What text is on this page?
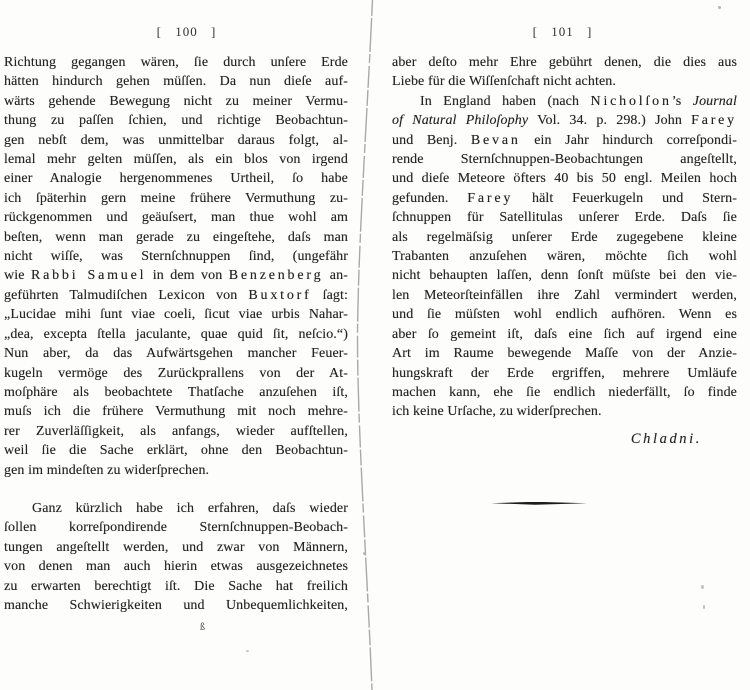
[ 100 ]
Richtung gegangen wären, ſie durch unſere Erde
hätten hindurch gehen müſſen. Da nun dieſe auf-
wärts gehende Bewegung nicht zu meiner Vermu-
thung zu paſſen ſchien, und richtige Beobachtun-
gen nebſt dem, was unmittelbar daraus folgt, al-
lemal mehr gelten müſſen, als ein blos von irgend
einer Analogie hergenommenes Urtheil, ſo habe
ich ſpäterhin gern meine frühere Vermuthung zu-
rückgenommen und geäuſsert, man thue wohl am
beſten, wenn man gerade zu eingeſtehe, daſs man
nicht wiſſe, was Sternſchnuppen ſind, (ungefähr
wie Rabbi Samuel in dem von Benzenberg an-
geführten Talmudiſchen Lexicon von Buxtorf ſagt:
„Lucidae mihi ſunt viae coeli, ſicut viae urbis Nahar-
„dea, excepta ſtella jaculante, quae quid ſit, neſcio.“)
Nun aber, da das Aufwärtsgehen mancher Feuer-
kugeln vermöge des Zurückprallens von der At-
moſphäre als beobachtete Thatſache anzuſehen iſt,
muſs ich die frühere Vermuthung mit noch mehre-
rer Zuverläſſigkeit, als anfangs, wieder aufſtellen,
weil ſie die Sache erklärt, ohne den Beobachtun-
gen im mindeſten zu widerſprechen.
Ganz kürzlich habe ich erfahren, daſs wieder
ſollen korreſpondirende Sternſchnuppen-Beobach-
tungen angeſtellt werden, und zwar von Männern,
von denen man auch hierin etwas ausgezeichnetes
zu erwarten berechtigt iſt. Die Sache hat freilich
manche Schwierigkeiten und Unbequemlichkeiten,
ß
[ 101 ]
aber deſto mehr Ehre gebührt denen, die dies aus
Liebe für die Wiſſenſchaft nicht achten.
In England haben (nach Nicholſon’s Journal
of Natural Philoſophy Vol. 34. p. 298.) John Farey
und Benj. Bevan ein Jahr hindurch correſpondi-
rende Sternſchnuppen-Beobachtungen angeſtellt,
und dieſe Meteore öfters 40 bis 50 engl. Meilen hoch
gefunden. Farey hält Feuerkugeln und Stern-
ſchnuppen für Satellitulas unſerer Erde. Daſs ſie
als regelmäſsig unſerer Erde zugegebene kleine
Trabanten anzuſehen wären, möchte ſich wohl
nicht behaupten laſſen, denn ſonſt müſste bei den vie-
len Meteorſteinfällen ihre Zahl vermindert werden,
und ſie müſsten wohl endlich aufhören. Wenn es
aber ſo gemeint iſt, daſs eine ſich auf irgend eine
Art im Raume bewegende Maſſe von der Anzie-
hungskraft der Erde ergriffen, mehrere Umläufe
machen kann, ehe ſie endlich niederfällt, ſo finde
ich keine Urſache, zu widerſprechen.
Chladni.
